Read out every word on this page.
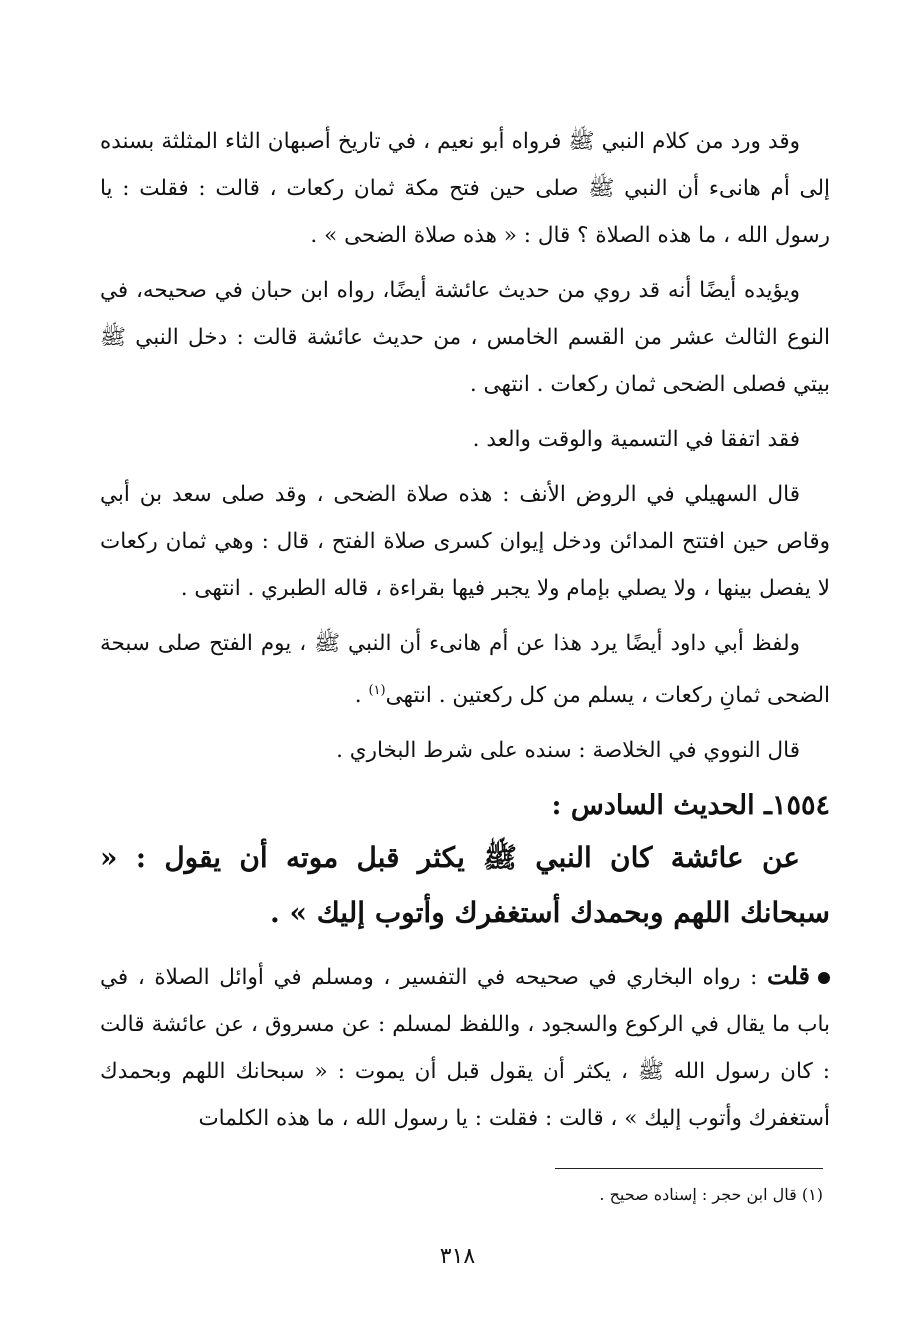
وقد ورد من كلام النبي ﷺ فرواه أبو نعيم ، في تاريخ أصبهان الثاء المثلثة بسنده إلى أم هانىء أن النبي ﷺ صلى حين فتح مكة ثمان ركعات ، قالت : فقلت : يا رسول الله ، ما هذه الصلاة ؟ قال : « هذه صلاة الضحى » .

ويؤيده أيضًا أنه قد روي من حديث عائشة أيضًا، رواه ابن حبان في صحيحه، في النوع الثالث عشر من القسم الخامس ، من حديث عائشة قالت : دخل النبي ﷺ بيتي فصلى الضحى ثمان ركعات . انتهى .

فقد اتفقا في التسمية والوقت والعد .

قال السهيلي في الروض الأنف : هذه صلاة الضحى ، وقد صلى سعد بن أبي وقاص حين افتتح المدائن ودخل إيوان كسرى صلاة الفتح ، قال : وهي ثمان ركعات لا يفصل بينها ، ولا يصلي بإمام ولا يجبر فيها بقراءة ، قاله الطبري . انتهى .

ولفظ أبي داود أيضًا يرد هذا عن أم هانىء أن النبي ﷺ ، يوم الفتح صلى سبحة الضحى ثمانِ ركعات ، يسلم من كل ركعتين . انتهى$^{(١)}$ .

قال النووي في الخلاصة : سنده على شرط البخاري .

١٥٥٤ـ الحديث السادس :
عن عائشة كان النبي ﷺ يكثر قبل موته أن يقول : « سبحانك اللهم وبحمدك أستغفرك وأتوب إليك » .

قلت : رواه البخاري في صحيحه في التفسير ، ومسلم في أوائل الصلاة ، في باب ما يقال في الركوع والسجود ، واللفظ لمسلم : عن مسروق ، عن عائشة قالت : كان رسول الله ﷺ ، يكثر أن يقول قبل أن يموت : « سبحانك اللهم وبحمدك أستغفرك وأتوب إليك » ، قالت : فقلت : يا رسول الله ، ما هذه الكلمات

(١) قال ابن حجر : إسناده صحيح .
٣١٨
